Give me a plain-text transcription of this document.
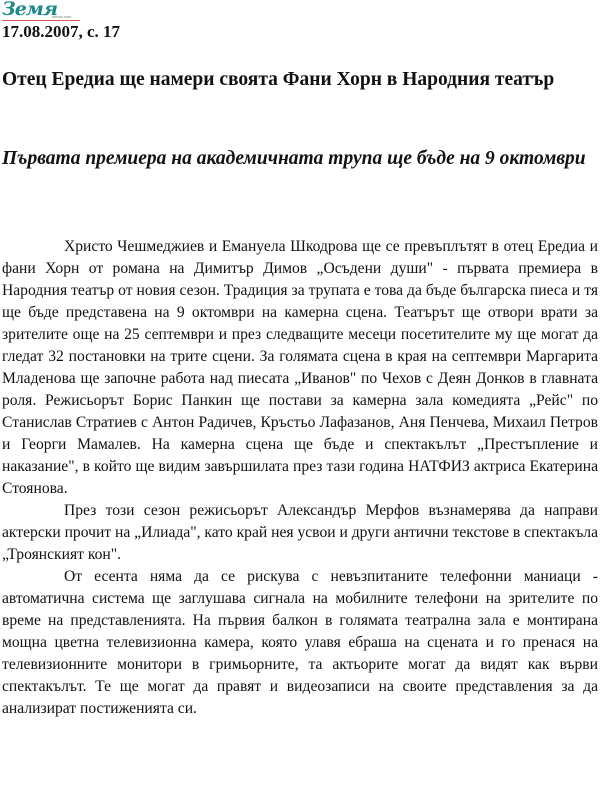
Земя
zemia.com
17.08.2007, с. 17
Отец Ередиа ще намери своята Фани Хорн в Народния театър
Първата премиера на академичната трупа ще бъде на 9 октомври

Христо Чешмеджиев и Емануела Шкодрова ще се превъплътят в отец Ередиа и фани Хорн от романа на Димитър Димов „Осъдени души" - първата премиера в Народния театър от новия сезон. Традиция за трупата е това да бъде българска пиеса и тя ще бъде представена на 9 октомври на камерна сцена. Театърът ще отвори врати за зрителите още на 25 септември и през следващите месеци посетителите му ще могат да гледат 32 постановки на трите сцени. За голямата сцена в края на септември Маргарита Младенова ще започне работа над пиесата „Иванов" по Чехов с Деян Донков в главната роля. Режисьорът Борис Панкин ще постави за камерна зала комедията „Рейс" по Станислав Стратиев с Антон Радичев, Кръстьо Лафазанов, Аня Пенчева, Михаил Петров и Георги Мамалев. На камерна сцена ще бъде и спектакълът „Престъпление и наказание", в който ще видим завършилата през тази година НАТФИЗ актриса Екатерина Стоянова.

През този сезон режисьорът Александър Мерфов възнамерява да направи актерски прочит на „Илиада", като край нея усвои и други антични текстове в спектакъла „Троянският кон".

От есента няма да се рискува с невъзпитаните телефонни маниаци - автоматична система ще заглушава сигнала на мобилните телефони на зрителите по време на представленията. На първия балкон в голямата театрална зала е монтирана мощна цветна телевизионна камера, която улавя ебраша на сцената и го пренася на телевизионните монитори в гримьорните, та актьорите могат да видят как върви спектакълът. Те ще могат да правят и видеозаписи на своите представления за да анализират постиженията си.
